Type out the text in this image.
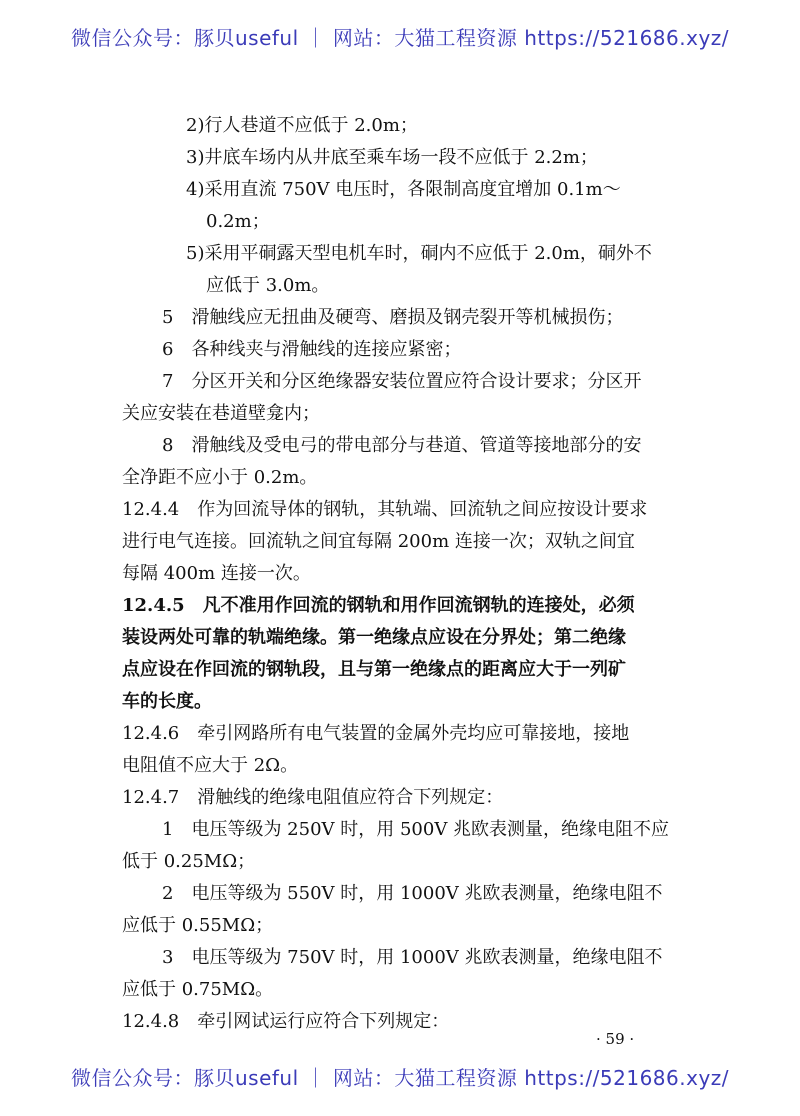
微信公众号：豚贝useful ｜ 网站：大猫工程资源 https://521686.xyz/
2)行人巷道不应低于 2.0m；
3)井底车场内从井底至乘车场一段不应低于 2.2m；
4)采用直流 750V 电压时，各限制高度宜增加 0.1m～
0.2m；
5)采用平硐露天型电机车时，硐内不应低于 2.0m，硐外不
应低于 3.0m。
5　滑触线应无扭曲及硬弯、磨损及钢壳裂开等机械损伤；
6　各种线夹与滑触线的连接应紧密；
7　分区开关和分区绝缘器安装位置应符合设计要求；分区开
关应安装在巷道壁龛内；
8　滑触线及受电弓的带电部分与巷道、管道等接地部分的安
全净距不应小于 0.2m。
12.4.4　作为回流导体的钢轨，其轨端、回流轨之间应按设计要求
进行电气连接。回流轨之间宜每隔 200m 连接一次；双轨之间宜
每隔 400m 连接一次。
12.4.5　凡不准用作回流的钢轨和用作回流钢轨的连接处，必须
装设两处可靠的轨端绝缘。第一绝缘点应设在分界处；第二绝缘
点应设在作回流的钢轨段，且与第一绝缘点的距离应大于一列矿
车的长度。
12.4.6　牵引网路所有电气装置的金属外壳均应可靠接地，接地
电阻值不应大于 2Ω。
12.4.7　滑触线的绝缘电阻值应符合下列规定：
1　电压等级为 250V 时，用 500V 兆欧表测量，绝缘电阻不应
低于 0.25MΩ；
2　电压等级为 550V 时，用 1000V 兆欧表测量，绝缘电阻不
应低于 0.55MΩ；
3　电压等级为 750V 时，用 1000V 兆欧表测量，绝缘电阻不
应低于 0.75MΩ。
12.4.8　牵引网试运行应符合下列规定：
· 59 ·
微信公众号：豚贝useful ｜ 网站：大猫工程资源 https://521686.xyz/
